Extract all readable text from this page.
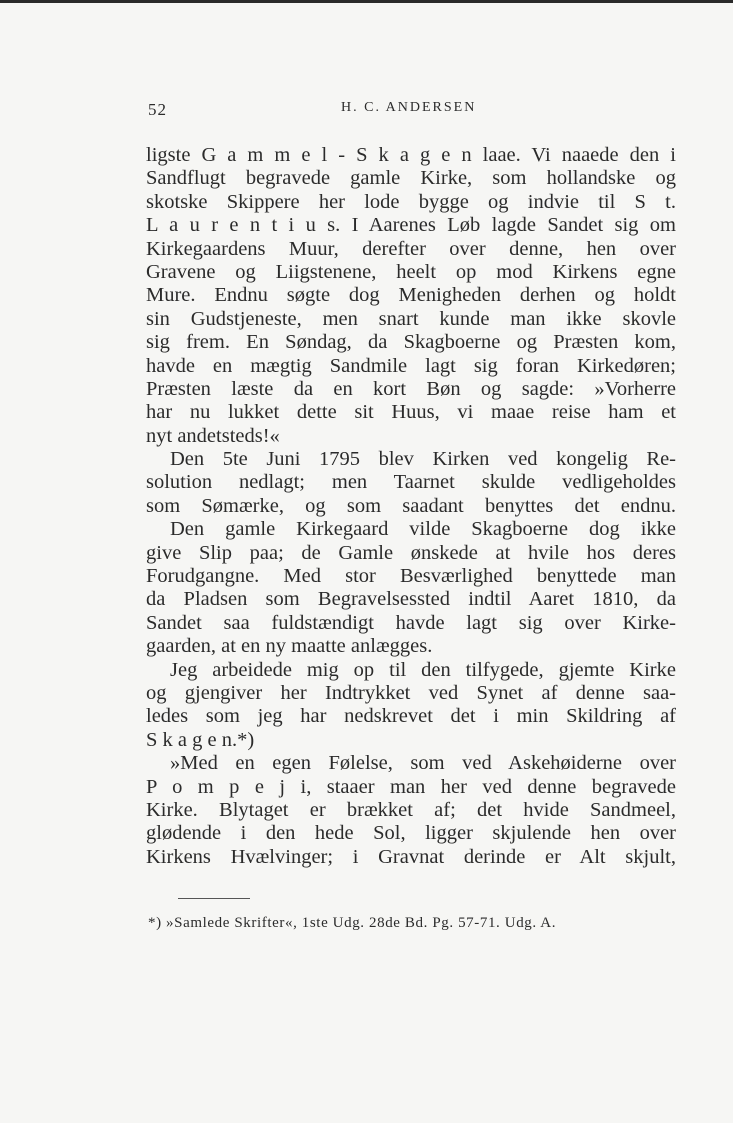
52	H. C. ANDERSEN
ligste G a m m e l - S k a g e n laae. Vi naaede den i
Sandflugt begravede gamle Kirke, som hollandske og
skotske Skippere her lode bygge og indvie til S t.
L a u r e n t i u s. I Aarenes Løb lagde Sandet sig om
Kirkegaardens Muur, derefter over denne, hen over
Gravene og Liigstenene, heelt op mod Kirkens egne
Mure. Endnu søgte dog Menigheden derhen og holdt
sin Gudstjeneste, men snart kunde man ikke skovle
sig frem. En Søndag, da Skagboerne og Præsten kom,
havde en mægtig Sandmile lagt sig foran Kirkedøren;
Præsten læste da en kort Bøn og sagde: »Vorherre
har nu lukket dette sit Huus, vi maae reise ham et
nyt andetsteds!«
Den 5te Juni 1795 blev Kirken ved kongelig Re-
solution nedlagt; men Taarnet skulde vedligeholdes
som Sømærke, og som saadant benyttes det endnu.
Den gamle Kirkegaard vilde Skagboerne dog ikke
give Slip paa; de Gamle ønskede at hvile hos deres
Forudgangne. Med stor Besværlighed benyttede man
da Pladsen som Begravelsessted indtil Aaret 1810, da
Sandet saa fuldstændigt havde lagt sig over Kirke-
gaarden, at en ny maatte anlægges.
Jeg arbeidede mig op til den tilfygede, gjemte Kirke
og gjengiver her Indtrykket ved Synet af denne saa-
ledes som jeg har nedskrevet det i min Skildring af
S k a g e n.*)
»Med en egen Følelse, som ved Askehøiderne over
P o m p e j i, staaer man her ved denne begravede
Kirke. Blytaget er brækket af; det hvide Sandmeel,
glødende i den hede Sol, ligger skjulende hen over
Kirkens Hvælvinger; i Gravnat derinde er Alt skjult,
*) »Samlede Skrifter«, 1ste Udg. 28de Bd. Pg. 57-71. Udg. A.
